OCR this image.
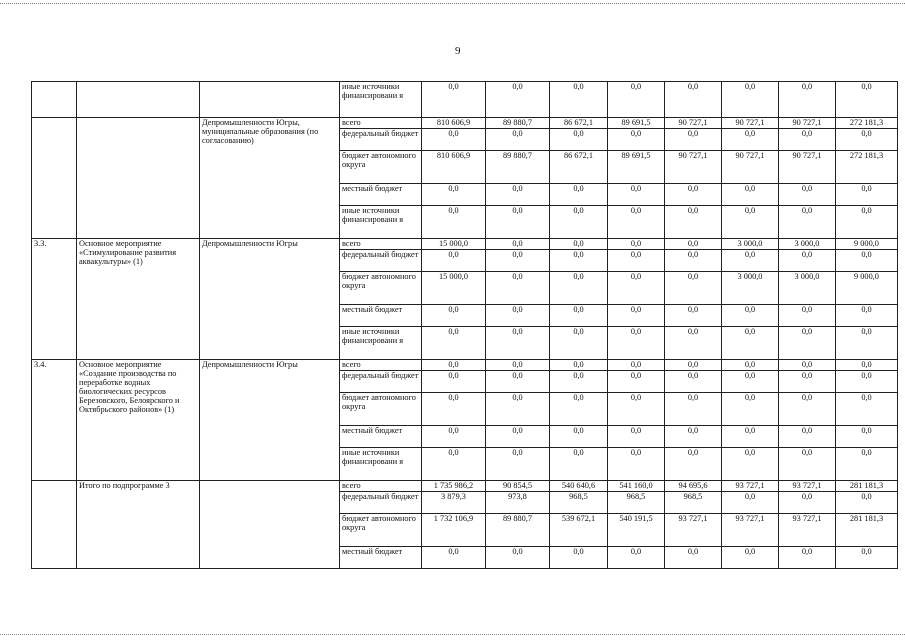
9
			иные источники финансировани я	0,0	0,0	0,0	0,0	0,0	0,0	0,0	0,0
		Депромышленности Югры, муниципальные образования (по согласованию)	всего	810 606,9	89 880,7	86 672,1	89 691,5	90 727,1	90 727,1	90 727,1	272 181,3
			федеральный бюджет	0,0	0,0	0,0	0,0	0,0	0,0	0,0	0,0
			бюджет автономного округа	810 606,9	89 880,7	86 672,1	89 691,5	90 727,1	90 727,1	90 727,1	272 181,3
			местный бюджет	0,0	0,0	0,0	0,0	0,0	0,0	0,0	0,0
			иные источники финансировани я	0,0	0,0	0,0	0,0	0,0	0,0	0,0	0,0
3.3.	Основное мероприятие «Стимулирование развития аквакультуры» (1)	Депромышленности Югры	всего	15 000,0	0,0	0,0	0,0	0,0	3 000,0	3 000,0	9 000,0
			федеральный бюджет	0,0	0,0	0,0	0,0	0,0	0,0	0,0	0,0
			бюджет автономного округа	15 000,0	0,0	0,0	0,0	0,0	3 000,0	3 000,0	9 000,0
			местный бюджет	0,0	0,0	0,0	0,0	0,0	0,0	0,0	0,0
			иные источники финансировани я	0,0	0,0	0,0	0,0	0,0	0,0	0,0	0,0
3.4.	Основное мероприятие «Создание производства по переработке водных биологических ресурсов Березовского, Белоярского и Октябрьского районов» (1)	Депромышленности Югры	всего	0,0	0,0	0,0	0,0	0,0	0,0	0,0	0,0
			федеральный бюджет	0,0	0,0	0,0	0,0	0,0	0,0	0,0	0,0
			бюджет автономного округа	0,0	0,0	0,0	0,0	0,0	0,0	0,0	0,0
			местный бюджет	0,0	0,0	0,0	0,0	0,0	0,0	0,0	0,0
			иные источники финансировани я	0,0	0,0	0,0	0,0	0,0	0,0	0,0	0,0
	Итого по подпрограмме 3		всего	1 735 986,2	90 854,5	540 640,6	541 160,0	94 695,6	93 727,1	93 727,1	281 181,3
			федеральный бюджет	3 879,3	973,8	968,5	968,5	968,5	0,0	0,0	0,0
			бюджет автономного округа	1 732 106,9	89 880,7	539 672,1	540 191,5	93 727,1	93 727,1	93 727,1	281 181,3
			местный бюджет	0,0	0,0	0,0	0,0	0,0	0,0	0,0	0,0
